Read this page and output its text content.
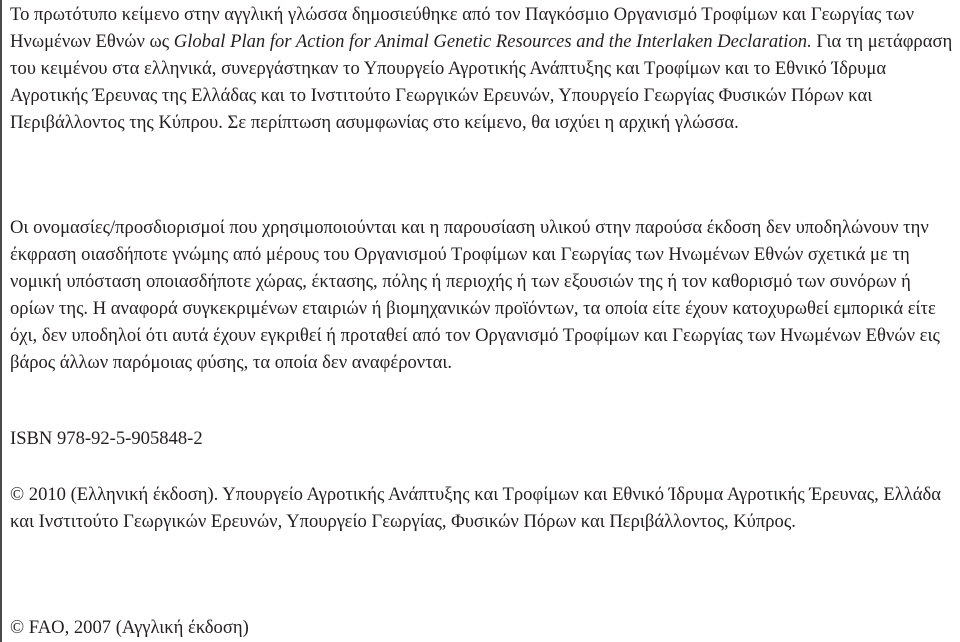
Το πρωτότυπο κείμενο στην αγγλική γλώσσα δημοσιεύθηκε από τον Παγκόσμιο Οργανισμό Τροφίμων και Γεωργίας των Ηνωμένων Εθνών ως Global Plan for Action for Animal Genetic Resources and the Interlaken Declaration. Για τη μετάφραση του κειμένου στα ελληνικά, συνεργάστηκαν το Υπουργείο Αγροτικής Ανάπτυξης και Τροφίμων και το Εθνικό Ίδρυμα Αγροτικής Έρευνας της Ελλάδας και το Ινστιτούτο Γεωργικών Ερευνών, Υπουργείο Γεωργίας Φυσικών Πόρων και Περιβάλλοντος της Κύπρου. Σε περίπτωση ασυμφωνίας στο κείμενο, θα ισχύει η αρχική γλώσσα.

Οι ονομασίες/προσδιορισμοί που χρησιμοποιούνται και η παρουσίαση υλικού στην παρούσα έκδοση δεν υποδηλώνουν την έκφραση οιασδήποτε γνώμης από μέρους του Οργανισμού Τροφίμων και Γεωργίας των Ηνωμένων Εθνών σχετικά με τη νομική υπόσταση οποιασδήποτε χώρας, έκτασης, πόλης ή περιοχής ή των εξουσιών της ή τον καθορισμό των συνόρων ή ορίων της. Η αναφορά συγκεκριμένων εταιριών ή βιομηχανικών προϊόντων, τα οποία είτε έχουν κατοχυρωθεί εμπορικά είτε όχι, δεν υποδηλοί ότι αυτά έχουν εγκριθεί ή προταθεί από τον Οργανισμό Τροφίμων και Γεωργίας των Ηνωμένων Εθνών εις βάρος άλλων παρόμοιας φύσης, τα οποία δεν αναφέρονται.

ISBN 978-92-5-905848-2

© 2010 (Ελληνική έκδοση). Υπουργείο Αγροτικής Ανάπτυξης και Τροφίμων και Εθνικό Ίδρυμα Αγροτικής Έρευνας, Ελλάδα και Ινστιτούτο Γεωργικών Ερευνών, Υπουργείο Γεωργίας, Φυσικών Πόρων και Περιβάλλοντος, Κύπρος.

© FAO, 2007 (Αγγλική έκδοση)
